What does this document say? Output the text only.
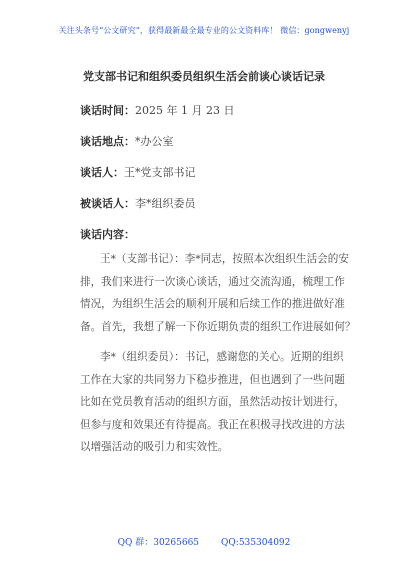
关注头条号“公文研究”，获得最新最全最专业的公文资料库！ 微信：gongwenyj
党支部书记和组织委员组织生活会前谈心谈话记录
谈话时间：2025 年 1 月 23 日
谈话地点：*办公室
谈话人：王*党支部书记
被谈话人：李*组织委员
谈话内容：

王*（支部书记）：李*同志，按照本次组织生活会的安
排，我们来进行一次谈心谈话，通过交流沟通，梳理工作
情况，为组织生活会的顺利开展和后续工作的推进做好准
备。首先，我想了解一下你近期负责的组织工作进展如何？

李*（组织委员）：书记，感谢您的关心。近期的组织
工作在大家的共同努力下稳步推进，但也遇到了一些问题
比如在党员教育活动的组织方面，虽然活动按计划进行，
但参与度和效果还有待提高。我正在积极寻找改进的方法
以增强活动的吸引力和实效性。

QQ 群：30265665 QQ:535304092
